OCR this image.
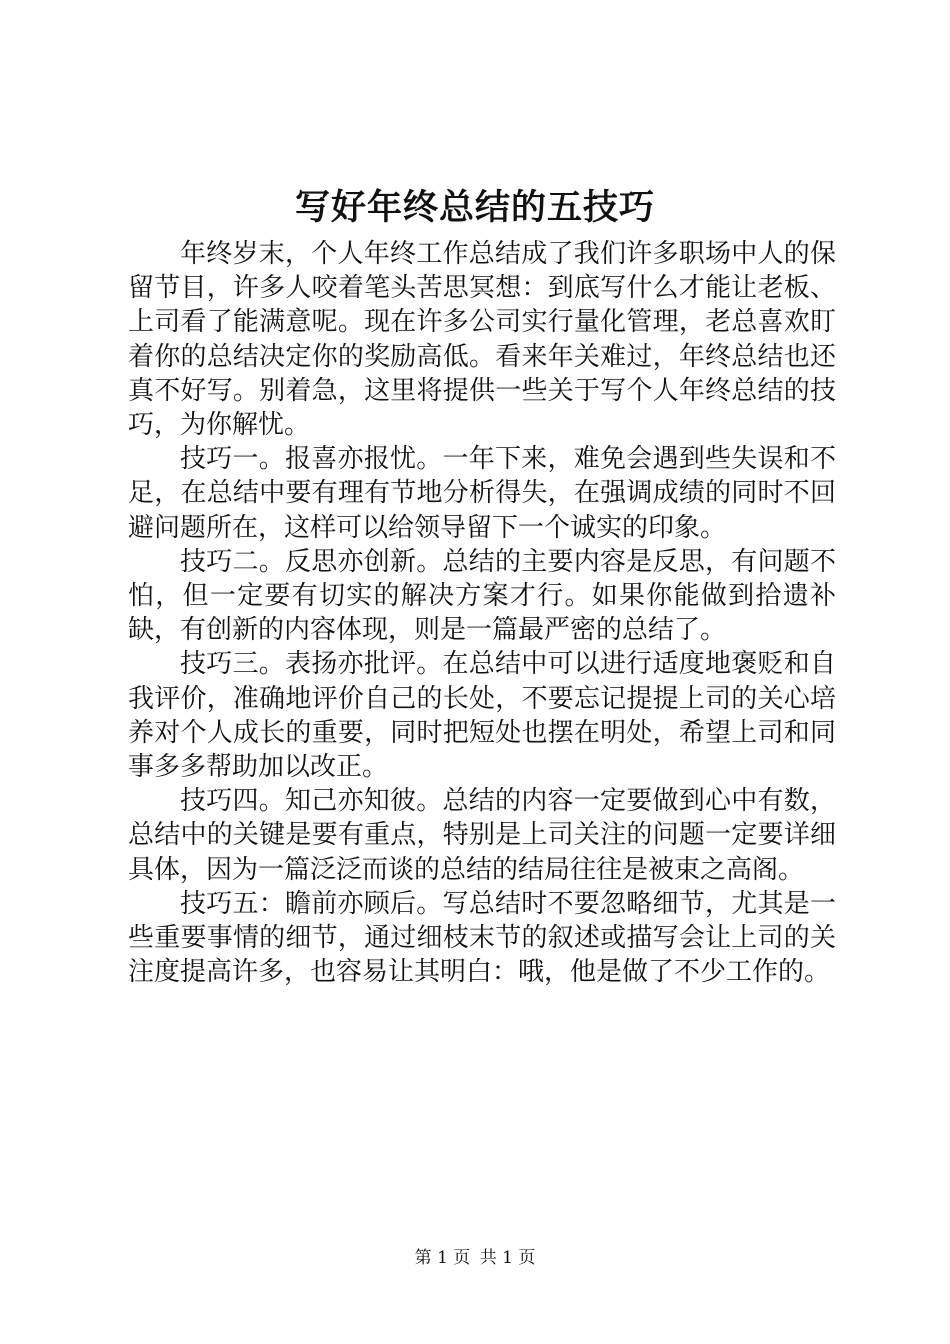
写好年终总结的五技巧

年终岁末，个人年终工作总结成了我们许多职场中人的保留节目，许多人咬着笔头苦思冥想：到底写什么才能让老板、上司看了能满意呢。现在许多公司实行量化管理，老总喜欢盯着你的总结决定你的奖励高低。看来年关难过，年终总结也还真不好写。别着急，这里将提供一些关于写个人年终总结的技巧，为你解忧。

技巧一。报喜亦报忧。一年下来，难免会遇到些失误和不足，在总结中要有理有节地分析得失，在强调成绩的同时不回避问题所在，这样可以给领导留下一个诚实的印象。

技巧二。反思亦创新。总结的主要内容是反思，有问题不怕，但一定要有切实的解决方案才行。如果你能做到拾遗补缺，有创新的内容体现，则是一篇最严密的总结了。

技巧三。表扬亦批评。在总结中可以进行适度地褒贬和自我评价，准确地评价自己的长处，不要忘记提提上司的关心培养对个人成长的重要，同时把短处也摆在明处，希望上司和同事多多帮助加以改正。

技巧四。知己亦知彼。总结的内容一定要做到心中有数，总结中的关键是要有重点，特别是上司关注的问题一定要详细具体，因为一篇泛泛而谈的总结的结局往往是被束之高阁。

技巧五：瞻前亦顾后。写总结时不要忽略细节，尤其是一些重要事情的细节，通过细枝末节的叙述或描写会让上司的关注度提高许多，也容易让其明白：哦，他是做了不少工作的。

第 1 页 共 1 页
